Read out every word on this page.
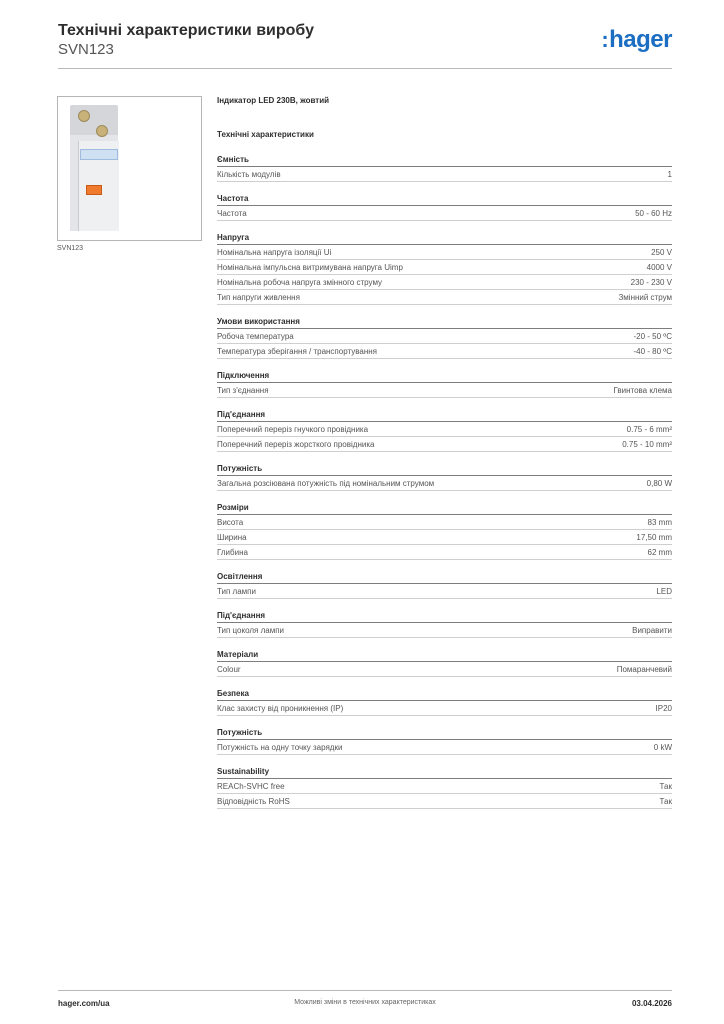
Технічні характеристики виробу
SVN123	:hager
SVN123
Індикатор LED 230В, жовтий
Технічні характеристики
Ємність
Кількість модулів	1
Частота
Частота	50 - 60 Hz
Напруга
Номінальна напруга ізоляції Ui	250 V
Номінальна імпульсна витримувана напруга Uimp	4000 V
Номінальна робоча напруга змінного струму	230 - 230 V
Тип напруги живлення	Змінний струм
Умови використання
Робоча температура	-20 - 50 ºC
Температура зберігання / транспортування	-40 - 80 ºC
Підключення
Тип з'єднання	Гвинтова клема
Під'єднання
Поперечний переріз гнучкого провідника	0.75 - 6 mm²
Поперечний переріз жорсткого провідника	0.75 - 10 mm²
Потужність
Загальна розсіювана потужність під номінальним струмом	0,80 W
Розміри
Висота	83 mm
Ширина	17,50 mm
Глибина	62 mm
Освітлення
Тип лампи	LED
Під'єднання
Тип цоколя лампи	Виправити
Матеріали
Colour	Помаранчевий
Безпека
Клас захисту від проникнення (IP)	IP20
Потужність
Потужність на одну точку зарядки	0 kW
Sustainability
REACh-SVHC free	Так
Відповідність RoHS	Так
hager.com/ua	Можливі зміни в технічних характеристиках	03.04.2026
